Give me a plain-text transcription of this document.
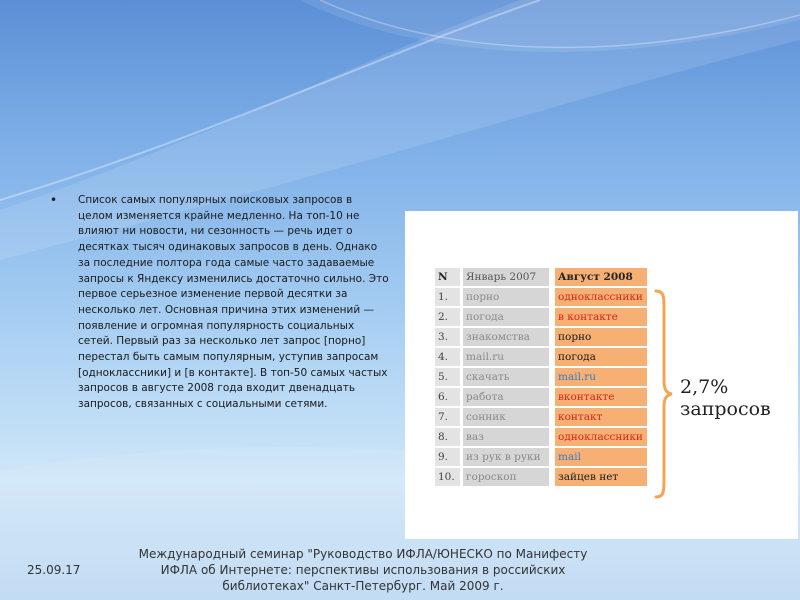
•	Список самых популярных поисковых запросов в целом изменяется крайне медленно. На топ-10 не влияют ни новости, ни сезонность — речь идет о десятках тысяч одинаковых запросов в день. Однако за последние полтора года самые часто задаваемые запросы к Яндексу изменились достаточно сильно. Это первое серьезное изменение первой десятки за несколько лет. Основная причина этих изменений — появление и огромная популярность социальных сетей. Первый раз за несколько лет запрос [порно] перестал быть самым популярным, уступив запросам [одноклассники] и [в контакте]. В топ-50 самых частых запросов в августе 2008 года входит двенадцать запросов, связанных с социальными сетями.
N	Январь 2007	Август 2008
1.	порно	одноклассники
2.	погода	в контакте
3.	знакомства	порно
4.	mail.ru	погода
5.	скачать	mail.ru
6.	работа	вконтакте
7.	сонник	контакт
8.	ваз	одноклассники
9.	из рук в руки	mail
10.	гороскоп	зайцев нет
2,7% запросов
25.09.17
Международный семинар "Руководство ИФЛА/ЮНЕСКО по Манифесту ИФЛА об Интернете: перспективы использования в российских библиотеках" Санкт-Петербург. Май 2009 г.
